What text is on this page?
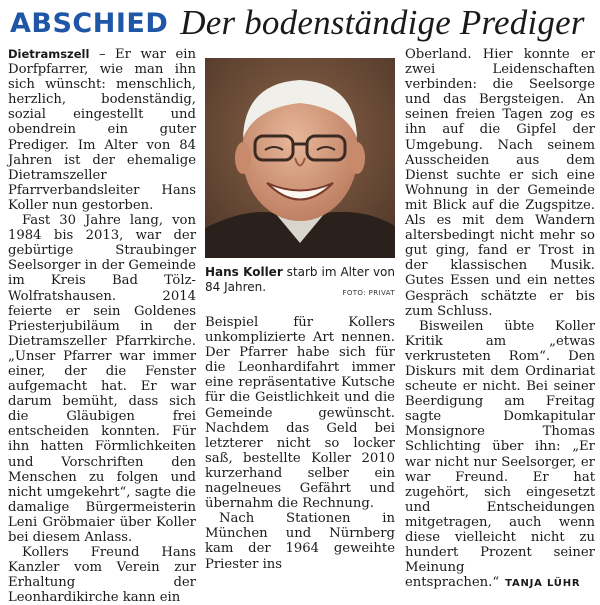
ABSCHIED Der bodenständige Prediger

Dietramszell – Er war ein Dorfpfarrer, wie man ihn sich wünscht: menschlich, herzlich, bodenständig, sozial eingestellt und obendrein ein guter Prediger. Im Alter von 84 Jahren ist der ehemalige Dietramszeller Pfarrverbandsleiter Hans Koller nun gestorben.

Fast 30 Jahre lang, von 1984 bis 2013, war der gebürtige Straubinger Seelsorger in der Gemeinde im Kreis Bad Tölz-Wolfratshausen. 2014 feierte er sein Goldenes Priesterjubiläum in der Dietramszeller Pfarrkirche. „Unser Pfarrer war immer einer, der die Fenster aufgemacht hat. Er war darum bemüht, dass sich die Gläubigen frei entscheiden konnten. Für ihn hatten Förmlichkeiten und Vorschriften den Menschen zu folgen und nicht umgekehrt“, sagte die damalige Bürgermeisterin Leni Gröbmaier über Koller bei diesem Anlass.

Kollers Freund Hans Kanzler vom Verein zur Erhaltung der Leonhardikirche kann ein

Hans Koller starb im Alter von 84 Jahren.	FOTO: PRIVAT

Beispiel für Kollers unkomplizierte Art nennen. Der Pfarrer habe sich für die Leonhardifahrt immer eine repräsentative Kutsche für die Geistlichkeit und die Gemeinde gewünscht. Nachdem das Geld bei letzterer nicht so locker saß, bestellte Koller 2010 kurzerhand selber ein nagelneues Gefährt und übernahm die Rechnung.

Nach Stationen in München und Nürnberg kam der 1964 geweihte Priester ins

Oberland. Hier konnte er zwei Leidenschaften verbinden: die Seelsorge und das Bergsteigen. An seinen freien Tagen zog es ihn auf die Gipfel der Umgebung. Nach seinem Ausscheiden aus dem Dienst suchte er sich eine Wohnung in der Gemeinde mit Blick auf die Zugspitze. Als es mit dem Wandern altersbedingt nicht mehr so gut ging, fand er Trost in der klassischen Musik. Gutes Essen und ein nettes Gespräch schätzte er bis zum Schluss.

Bisweilen übte Koller Kritik am „etwas verkrusteten Rom“. Den Diskurs mit dem Ordinariat scheute er nicht. Bei seiner Beerdigung am Freitag sagte Domkapitular Monsignore Thomas Schlichting über ihn: „Er war nicht nur Seelsorger, er war Freund. Er hat zugehört, sich eingesetzt und Entscheidungen mitgetragen, auch wenn diese vielleicht nicht zu hundert Prozent seiner Meinung entsprachen.“ TANJA LÜHR
